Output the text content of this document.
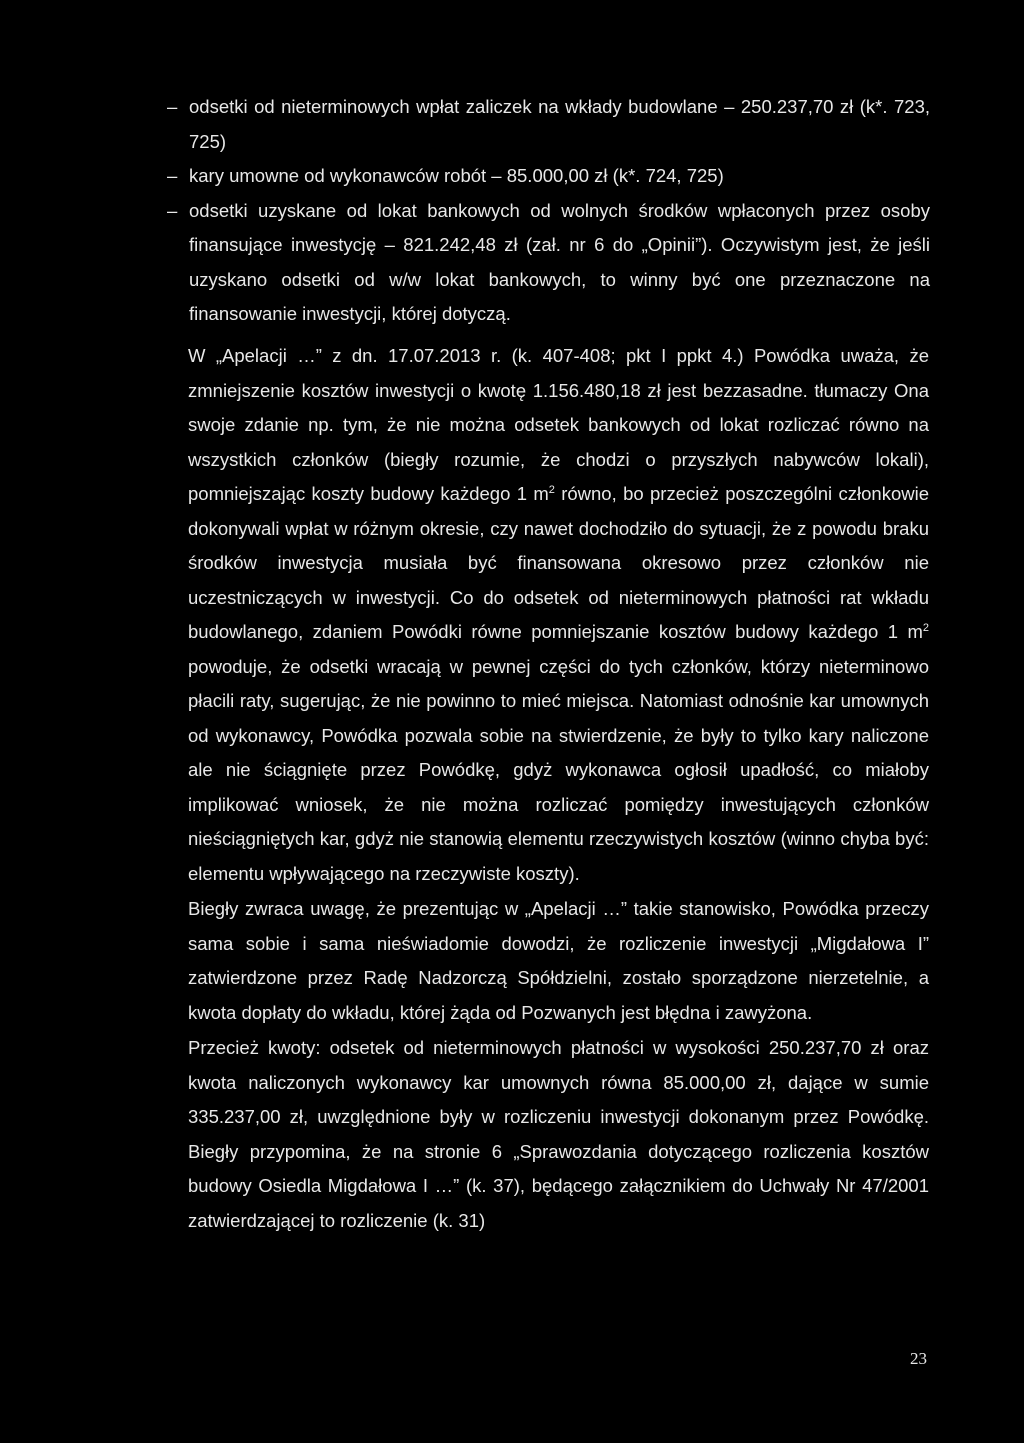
– odsetki od nieterminowych wpłat zaliczek na wkłady budowlane – 250.237,70 zł (k*. 723, 725)
– kary umowne od wykonawców robót – 85.000,00 zł (k*. 724, 725)
– odsetki uzyskane od lokat bankowych od wolnych środków wpłaconych przez osoby finansujące inwestycję – 821.242,48 zł (zał. nr 6 do „Opinii”). Oczywistym jest, że jeśli uzyskano odsetki od w/w lokat bankowych, to winny być one przeznaczone na finansowanie inwestycji, której dotyczą.

W „Apelacji …” z dn. 17.07.2013 r. (k. 407-408; pkt I ppkt 4.) Powódka uważa, że zmniejszenie kosztów inwestycji o kwotę 1.156.480,18 zł jest bezzasadne. tłumaczy Ona swoje zdanie np. tym, że nie można odsetek bankowych od lokat rozliczać równo na wszystkich członków (biegły rozumie, że chodzi o przyszłych nabywców lokali), pomniejszając koszty budowy każdego 1 $m^2$ równo, bo przecież poszczególni członkowie dokonywali wpłat w różnym okresie, czy nawet dochodziło do sytuacji, że z powodu braku środków inwestycja musiała być finansowana okresowo przez członków nie uczestniczących w inwestycji. Co do odsetek od nieterminowych płatności rat wkładu budowlanego, zdaniem Powódki równe pomniejszanie kosztów budowy każdego 1 $m^2$ powoduje, że odsetki wracają w pewnej części do tych członków, którzy nieterminowo płacili raty, sugerując, że nie powinno to mieć miejsca. Natomiast odnośnie kar umownych od wykonawcy, Powódka pozwala sobie na stwierdzenie, że były to tylko kary naliczone ale nie ściągnięte przez Powódkę, gdyż wykonawca ogłosił upadłość, co miałoby implikować wniosek, że nie można rozliczać pomiędzy inwestujących członków nieściągniętych kar, gdyż nie stanowią elementu rzeczywistych kosztów (winno chyba być: elementu wpływającego na rzeczywiste koszty).

Biegły zwraca uwagę, że prezentując w „Apelacji …” takie stanowisko, Powódka przeczy sama sobie i sama nieświadomie dowodzi, że rozliczenie inwestycji „Migdałowa I” zatwierdzone przez Radę Nadzorczą Spółdzielni, zostało sporządzone nierzetelnie, a kwota dopłaty do wkładu, której żąda od Pozwanych jest błędna i zawyżona.

Przecież kwoty: odsetek od nieterminowych płatności w wysokości 250.237,70 zł oraz kwota naliczonych wykonawcy kar umownych równa 85.000,00 zł, dające w sumie 335.237,00 zł, uwzględnione były w rozliczeniu inwestycji dokonanym przez Powódkę. Biegły przypomina, że na stronie 6 „Sprawozdania dotyczącego rozliczenia kosztów budowy Osiedla Migdałowa I …” (k. 37), będącego załącznikiem do Uchwały Nr 47/2001 zatwierdzającej to rozliczenie (k. 31)

23
